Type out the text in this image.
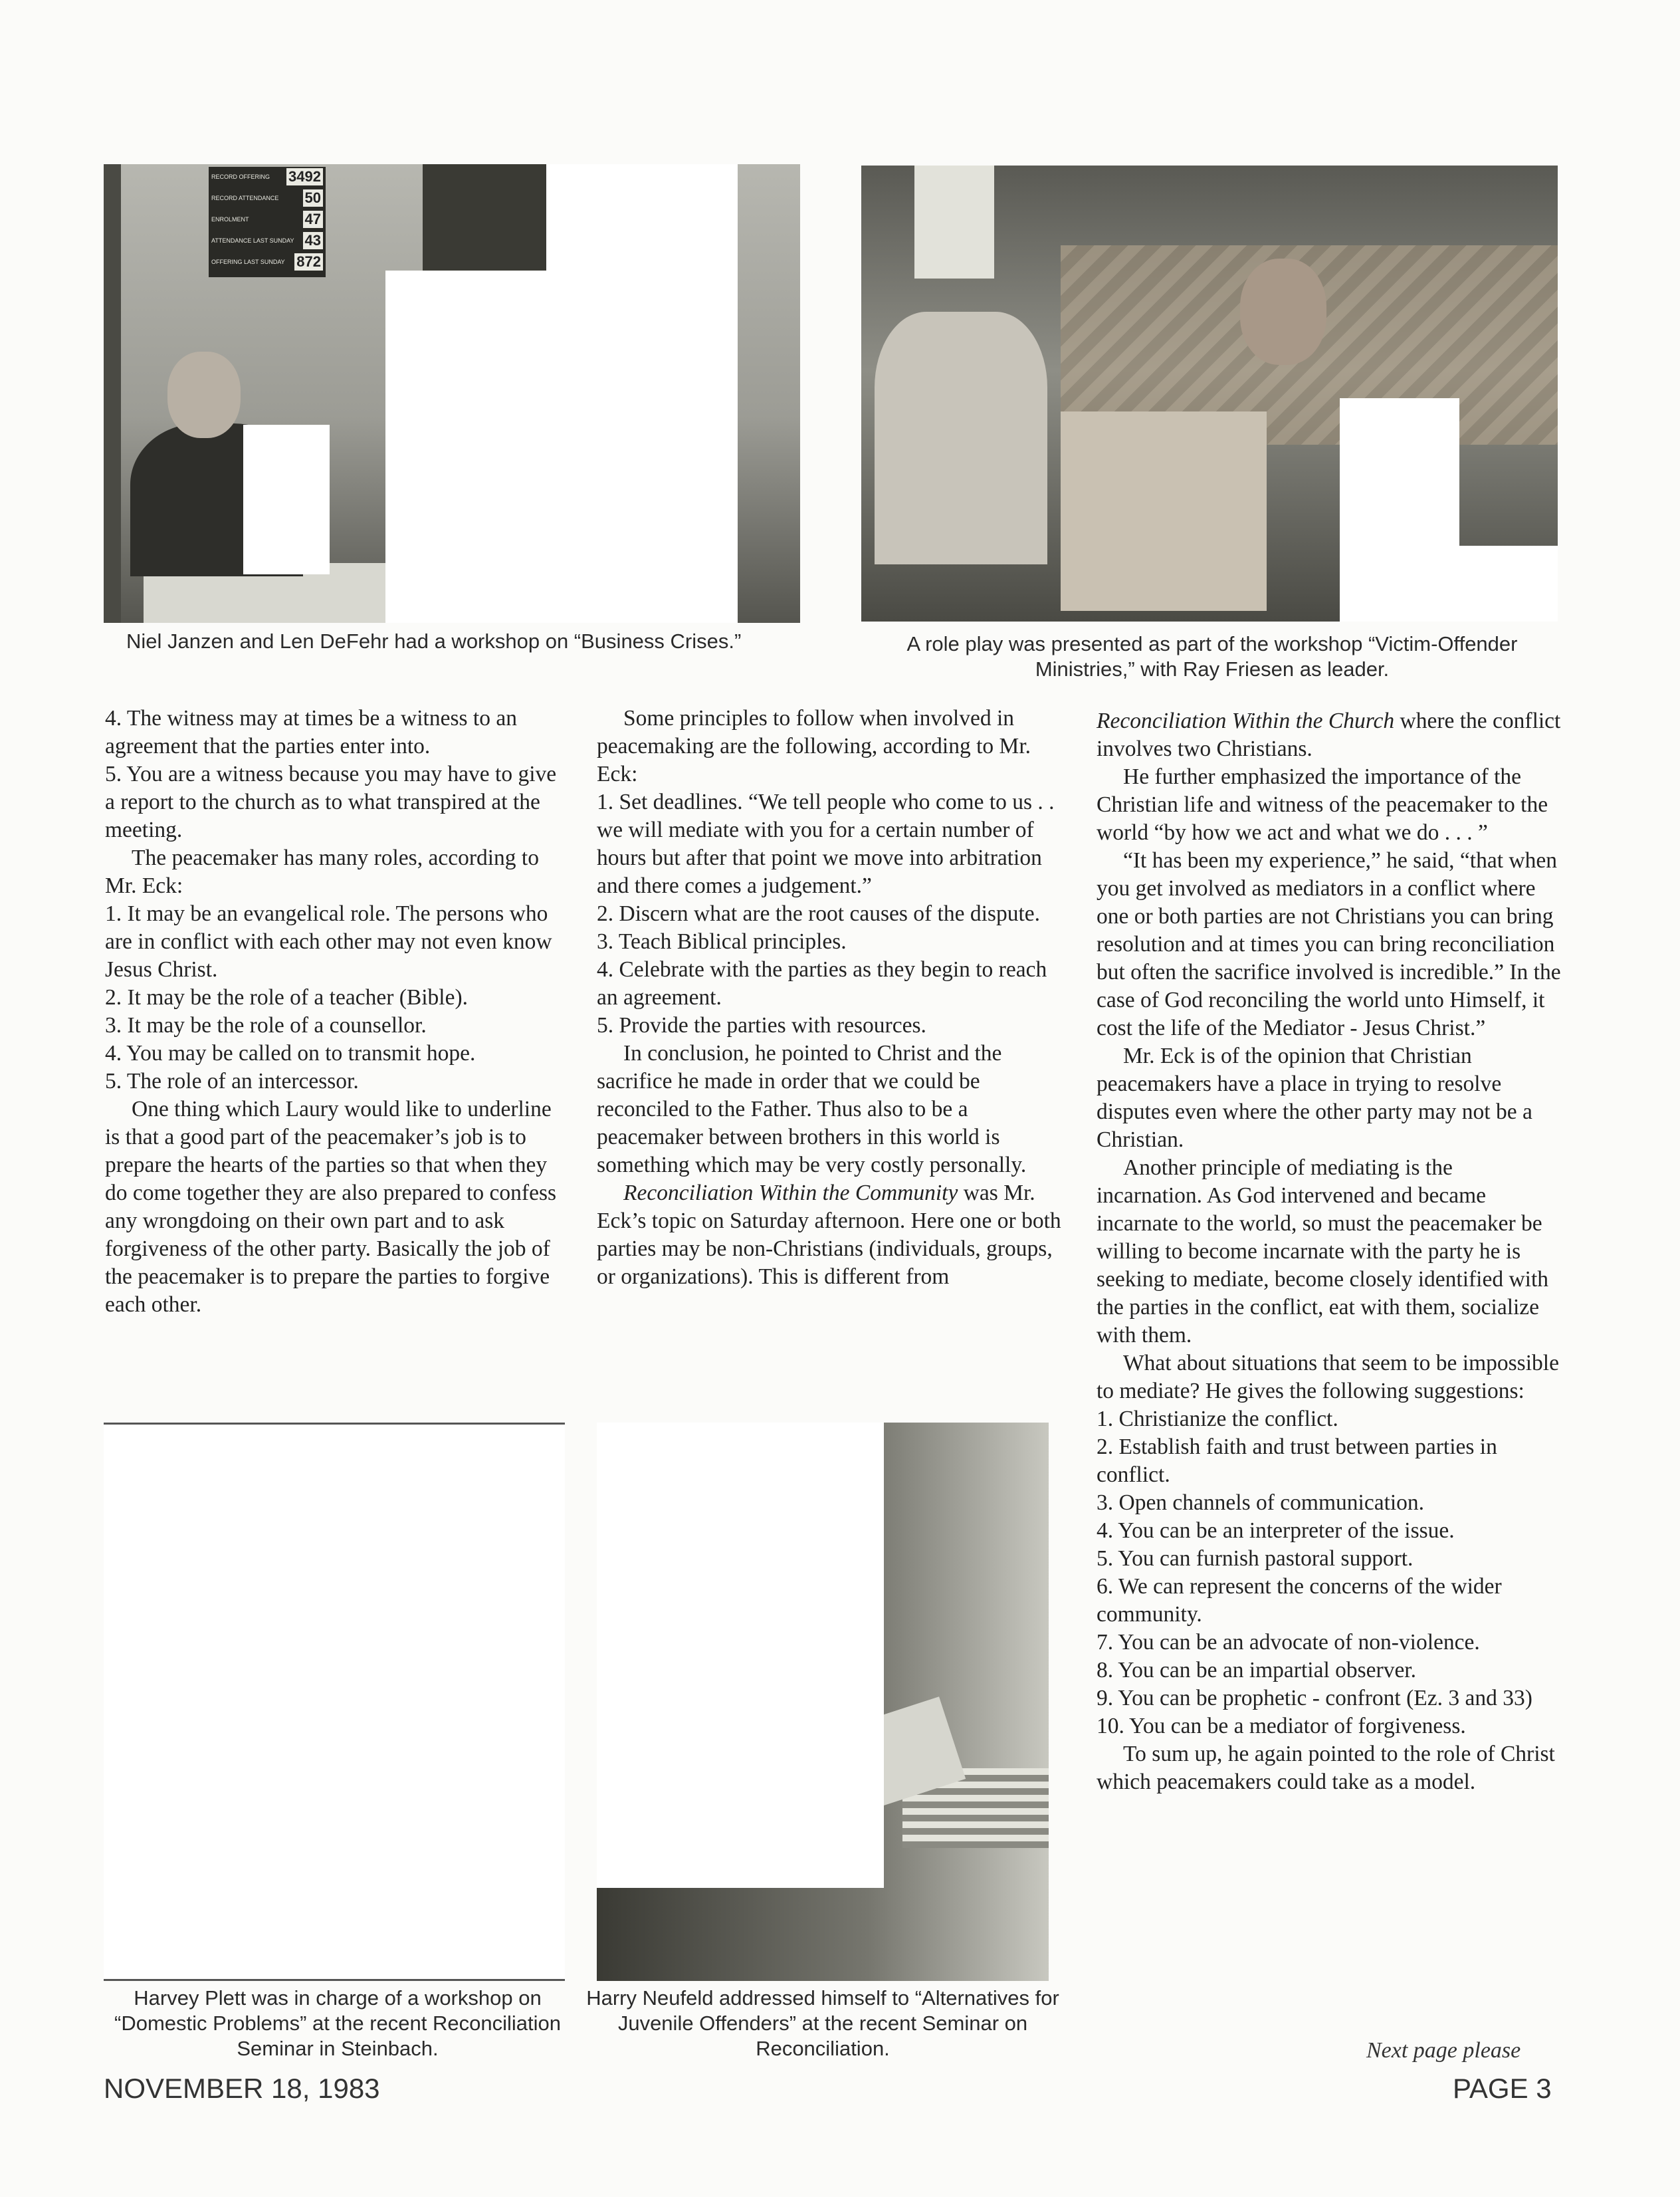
RECORD OFFERING 3492
RECORD ATTENDANCE 50
ENROLMENT	47
ATTENDANCE LAST SUNDAY 43
OFFERING LAST SUNDAY 872

Niel Janzen and Len DeFehr had a workshop on “Business Crises.”	A role play was presented as part of the workshop “Victim-Offender Ministries,” with Ray Friesen as leader.

4. The witness may at times be a witness to an agreement that the parties enter into.

5. You are a witness because you may have to give a report to the church as to what transpired at the meeting.

The peacemaker has many roles, according to Mr. Eck:

1. It may be an evangelical role. The persons who are in conflict with each other may not even know Jesus Christ.

2. It may be the role of a teacher (Bible).

3. It may be the role of a counsellor.

4. You may be called on to transmit hope.

5. The role of an intercessor.

One thing which Laury would like to underline is that a good part of the peacemaker’s job is to prepare the hearts of the parties so that when they do come together they are also prepared to confess any wrongdoing on their own part and to ask forgiveness of the other party. Basically the job of the peacemaker is to prepare the parties to forgive each other.

Some principles to follow when involved in peacemaking are the following, according to Mr. Eck:

1. Set deadlines. “We tell people who come to us . . we will mediate with you for a certain number of hours but after that point we move into arbitration and there comes a judgement.”

2. Discern what are the root causes of the dispute.

3. Teach Biblical principles.

4. Celebrate with the parties as they begin to reach an agreement.

5. Provide the parties with resources.

In conclusion, he pointed to Christ and the sacrifice he made in order that we could be reconciled to the Father. Thus also to be a peacemaker between brothers in this world is something which may be very costly personally.

Reconciliation Within the Community was Mr. Eck’s topic on Saturday afternoon. Here one or both parties may be non-Christians (individuals, groups, or organizations). This is different from

Reconciliation Within the Church where the conflict involves two Christians.

He further emphasized the importance of the Christian life and witness of the peacemaker to the world “by how we act and what we do . . . ”

“It has been my experience,” he said, “that when you get involved as mediators in a conflict where one or both parties are not Christians you can bring resolution and at times you can bring reconciliation but often the sacrifice involved is incredible.” In the case of God reconciling the world unto Himself, it cost the life of the Mediator - Jesus Christ.”

Mr. Eck is of the opinion that Christian peacemakers have a place in trying to resolve disputes even where the other party may not be a Christian.

Another principle of mediating is the incarnation. As God intervened and became incarnate to the world, so must the peacemaker be willing to become incarnate with the party he is seeking to mediate, become closely identified with the parties in the conflict, eat with them, socialize with them.

What about situations that seem to be impossible to mediate? He gives the following suggestions:

1. Christianize the conflict.

2. Establish faith and trust between parties in conflict.

3. Open channels of communication.

4. You can be an interpreter of the issue.

5. You can furnish pastoral support.

6. We can represent the concerns of the wider community.

7. You can be an advocate of non-violence.

8. You can be an impartial observer.

9. You can be prophetic - confront (Ez. 3 and 33)

10. You can be a mediator of forgiveness.

To sum up, he again pointed to the role of Christ which peacemakers could take as a model.

Next page please

Harvey Plett was in charge of a workshop on “Domestic Problems” at the recent Reconciliation Seminar in Steinbach.

Harry Neufeld addressed himself to “Alternatives for Juvenile Offenders” at the recent Seminar on Reconciliation.

NOVEMBER 18, 1983	PAGE 3
